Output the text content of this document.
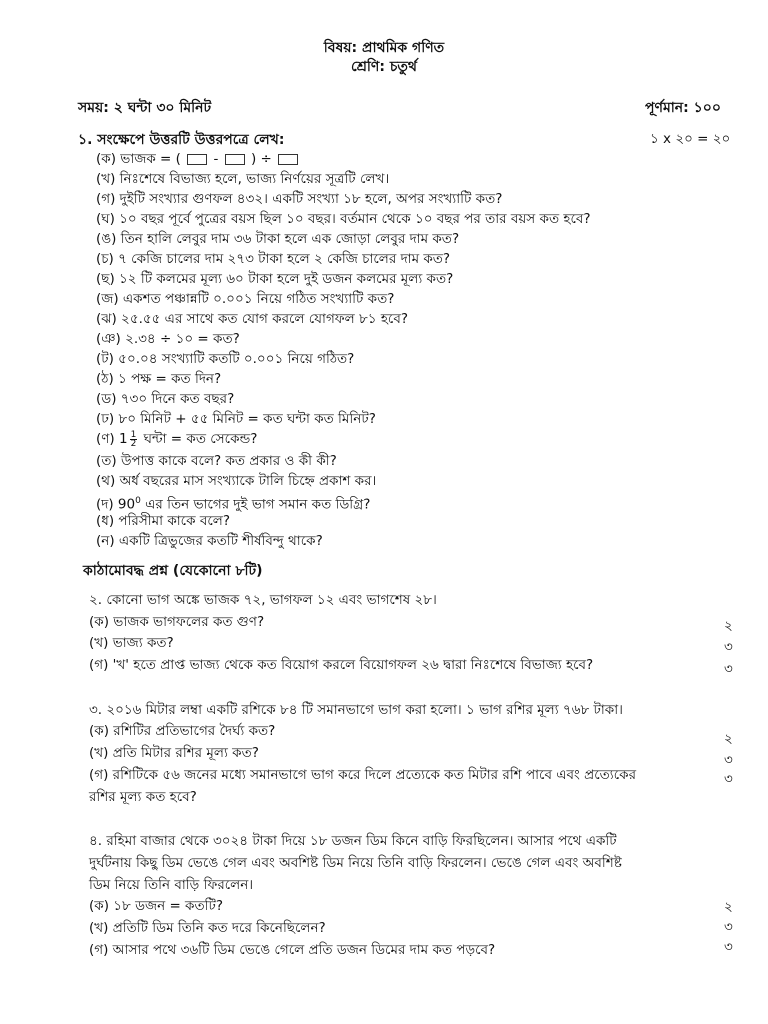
বিষয়: প্রাথমিক গণিত
শ্রেণি: চতুর্থ
সময়: ২ ঘন্টা ৩০ মিনিট	পূর্ণমান: ১০০
১. সংক্ষেপে উত্তরটি উত্তরপত্রে লেখ:	১ x ২০ = ২০
(ক) ভাজক = ( - ) ÷
(খ) নিঃশেষে বিভাজ্য হলে, ভাজ্য নির্ণয়ের সূত্রটি লেখ।
(গ) দুইটি সংখ্যার গুণফল ৪৩২। একটি সংখ্যা ১৮ হলে, অপর সংখ্যাটি কত?
(ঘ) ১০ বছর পূর্বে পুত্রের বয়স ছিল ১০ বছর। বর্তমান থেকে ১০ বছর পর তার বয়স কত হবে?
(ঙ) তিন হালি লেবুর দাম ৩৬ টাকা হলে এক জোড়া লেবুর দাম কত?
(চ) ৭ কেজি চালের দাম ২৭৩ টাকা হলে ২ কেজি চালের দাম কত?
(ছ) ১২ টি কলমের মূল্য ৬০ টাকা হলে দুই ডজন কলমের মূল্য কত?
(জ) একশত পঞ্চান্নটি ০.০০১ নিয়ে গঠিত সংখ্যাটি কত?
(ঝ) ২৫.৫৫ এর সাথে কত যোগ করলে যোগফল ৮১ হবে?
(ঞ) ২.৩৪ ÷ ১০ = কত?
(ট) ৫০.০৪ সংখ্যাটি কতটি ০.০০১ নিয়ে গঠিত?
(ঠ) ১ পক্ষ = কত দিন?
(ড) ৭৩০ দিনে কত বছর?
(ঢ) ৮০ মিনিট + ৫৫ মিনিট = কত ঘন্টা কত মিনিট?
(ণ) $1 \frac{1}{2}$ ঘন্টা = কত সেকেন্ড?
(ত) উপাত্ত কাকে বলে? কত প্রকার ও কী কী?
(থ) অর্ধ বছরের মাস সংখ্যাকে টালি চিহ্নে প্রকাশ কর।
(দ) $90^0$ এর তিন ভাগের দুই ভাগ সমান কত ডিগ্রি?
(ধ) পরিসীমা কাকে বলে?
(ন) একটি ত্রিভুজের কতটি শীর্ষবিন্দু থাকে?
কাঠামোবদ্ধ প্রশ্ন (যেকোনো ৮টি)
২. কোনো ভাগ অঙ্কে ভাজক ৭২, ভাগফল ১২ এবং ভাগশেষ ২৮।
(ক) ভাজক ভাগফলের কত গুণ?	২
(খ) ভাজ্য কত?	৩
(গ) 'খ' হতে প্রাপ্ত ভাজ্য থেকে কত বিয়োগ করলে বিয়োগফল ২৬ দ্বারা নিঃশেষে বিভাজ্য হবে?	৩
৩. ২০১৬ মিটার লম্বা একটি রশিকে ৮৪ টি সমানভাগে ভাগ করা হলো। ১ ভাগ রশির মূল্য ৭৬৮ টাকা।
(ক) রশিটির প্রতিভাগের দৈর্ঘ্য কত?	২
(খ) প্রতি মিটার রশির মূল্য কত?	৩
(গ) রশিটিকে ৫৬ জনের মধ্যে সমানভাগে ভাগ করে দিলে প্রত্যেকে কত মিটার রশি পাবে এবং প্রত্যেকের	৩
রশির মূল্য কত হবে?
৪. রহিমা বাজার থেকে ৩০২৪ টাকা দিয়ে ১৮ ডজন ডিম কিনে বাড়ি ফিরছিলেন। আসার পথে একটি
দুর্ঘটনায় কিছু ডিম ভেঙে গেল এবং অবশিষ্ট ডিম নিয়ে তিনি বাড়ি ফিরলেন। ভেঙে গেল এবং অবশিষ্ট
ডিম নিয়ে তিনি বাড়ি ফিরলেন।
(ক) ১৮ ডজন = কতটি?	২
(খ) প্রতিটি ডিম তিনি কত দরে কিনেছিলেন?	৩
(গ) আসার পথে ৩৬টি ডিম ভেঙে গেলে প্রতি ডজন ডিমের দাম কত পড়বে?	৩
